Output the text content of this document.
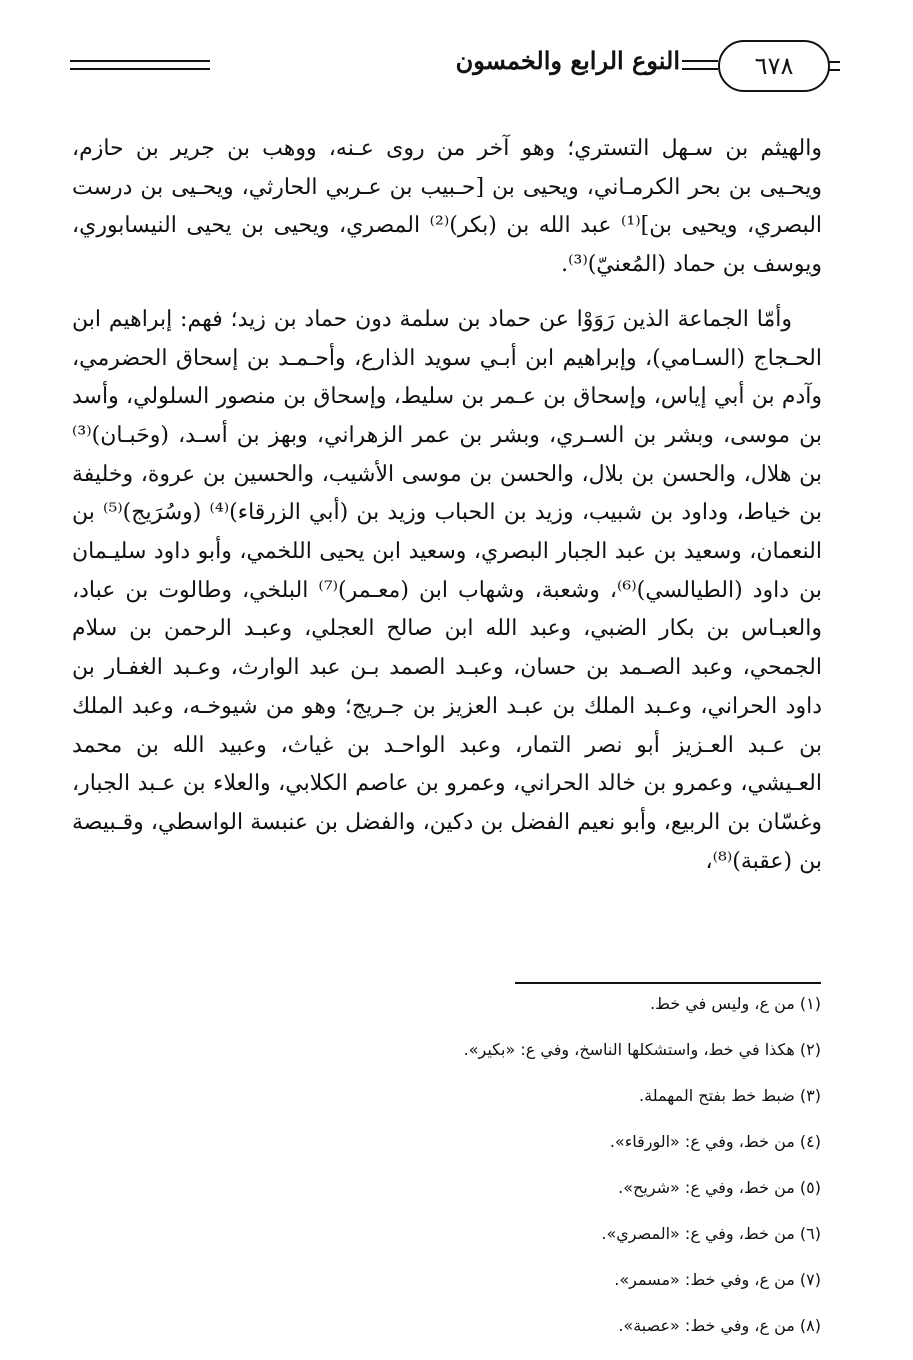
٦٧٨
النوع الرابع والخمسون

والهيثم بن سـهل التستري؛ وهو آخر من روى عـنه، ووهب بن جرير بن حازم، ويحـيى بن بحر الكرمـاني، ويحيى بن [حـبيب بن عـربي الحارثي، ويحـيى بن درست البصري، ويحيى بن]⁽¹⁾ عبد الله بن (بكر)⁽²⁾ المصري، ويحيى بن يحيى النيسابوري، ويوسف بن حماد (المُعنيّ)⁽³⁾.

وأمّا الجماعة الذين رَوَوْا عن حماد بن سلمة دون حماد بن زيد؛ فهم: إبراهيم ابن الحـجاج (السـامي)، وإبراهيم ابن أبـي سويد الذارع، وأحـمـد بن إسحاق الحضرمي، وآدم بن أبي إياس، وإسحاق بن عـمر بن سليط، وإسحاق بن منصور السلولي، وأسد بن موسى، وبشر بن السـري، وبشر بن عمر الزهراني، وبهز بن أسـد، (وحَبـان)⁽³⁾ بن هلال، والحسن بن بلال، والحسن بن موسى الأشيب، والحسين بن عروة، وخليفة بن خياط، وداود بن شبيب، وزيد بن الحباب وزيد بن (أبي الزرقاء)⁽⁴⁾ (وسُرَيج)⁽⁵⁾ بن النعمان، وسعيد بن عبد الجبار البصري، وسعيد ابن يحيى اللخمي، وأبو داود سليـمان بن داود (الطيالسي)⁽⁶⁾، وشعبة، وشهاب ابن (معـمر)⁽⁷⁾ البلخي، وطالوت بن عباد، والعبـاس بن بكار الضبي، وعبد الله ابن صالح العجلي، وعبـد الرحمن بن سلام الجمحي، وعبد الصـمد بن حسان، وعبـد الصمد بـن عبد الوارث، وعـبد الغفـار بن داود الحراني، وعـبد الملك بن عبـد العزيز بن جـريج؛ وهو من شيوخـه، وعبد الملك بن عـبد العـزيز أبو نصر التمار، وعبد الواحـد بن غياث، وعبيد الله بن محمد العـيشي، وعمرو بن خالد الحراني، وعمرو بن عاصم الكلابي، والعلاء بن عـبد الجبار، وغسّان بن الربيع، وأبو نعيم الفضل بن دكين، والفضل بن عنبسة الواسطي، وقـبيصة بن (عقبة)⁽⁸⁾،

(١) من ع، وليس في خط.
(٢) هكذا في خط، واستشكلها الناسخ، وفي ع: «بكير».
(٣) ضبط خط بفتح المهملة.
(٤) من خط، وفي ع: «الورقاء».
(٥) من خط، وفي ع: «شريح».
(٦) من خط، وفي ع: «المصري».
(٧) من ع، وفي خط: «مسمر».
(٨) من ع، وفي خط: «عصبة».
